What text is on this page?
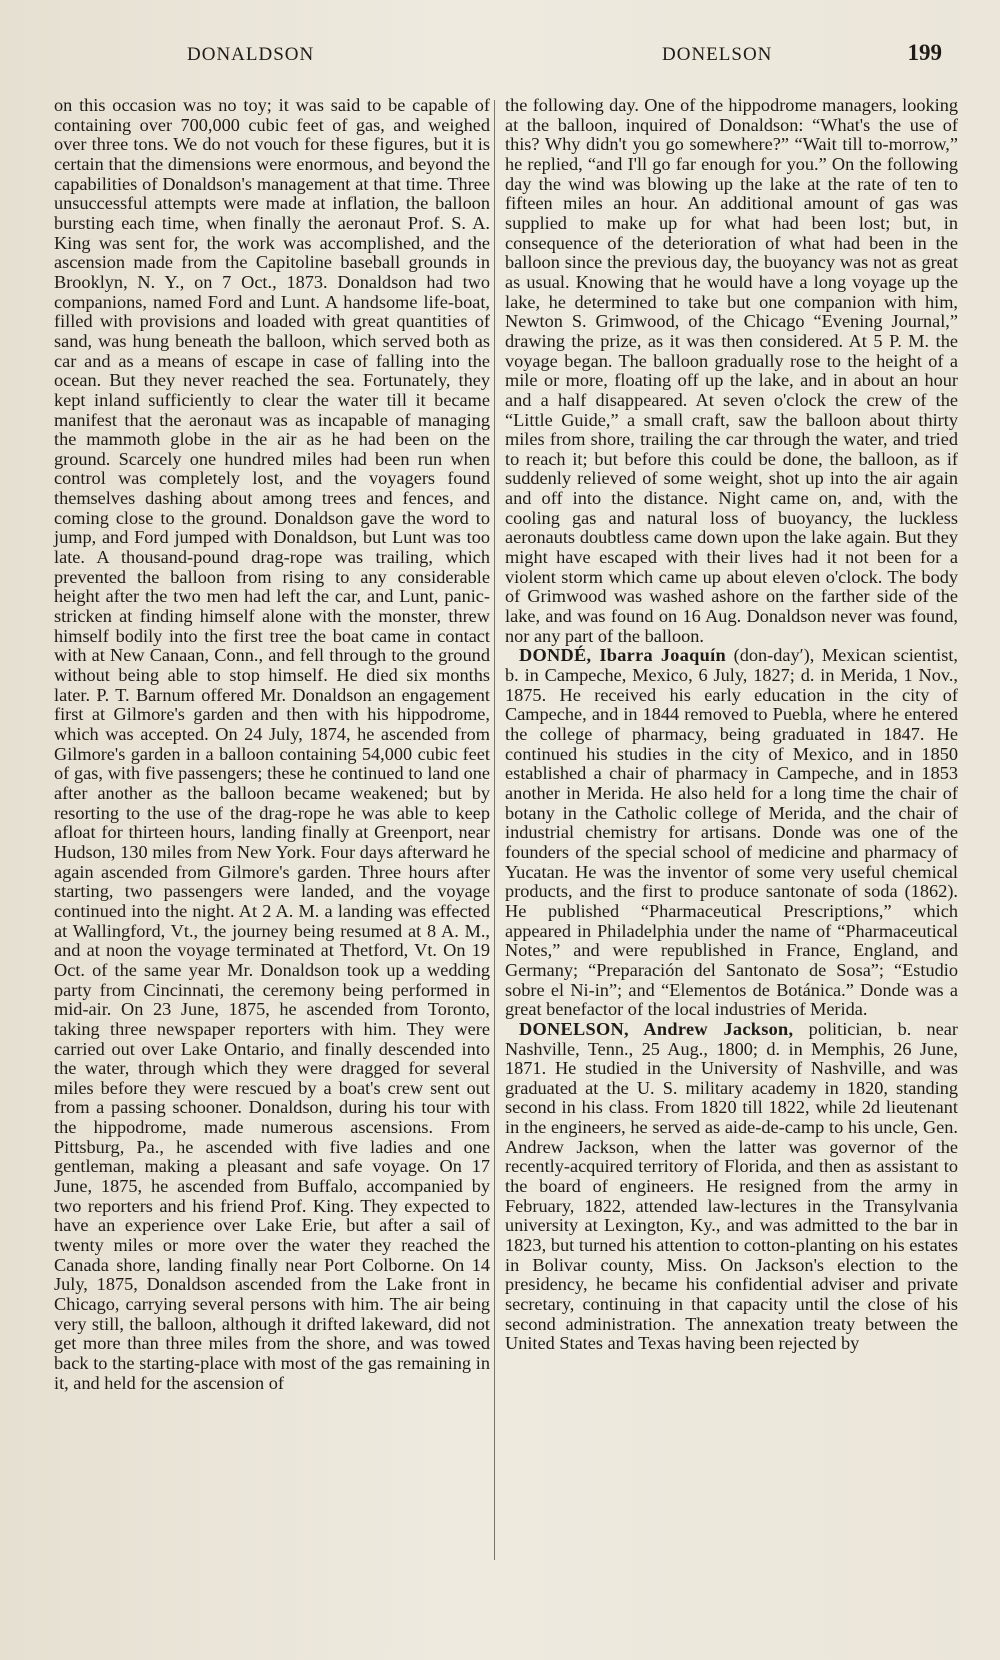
DONALDSON	DONELSON	199

on this occasion was no toy; it was said to be capable of containing over 700,000 cubic feet of gas, and weighed over three tons. We do not vouch for these figures, but it is certain that the dimensions were enormous, and beyond the capabilities of Donaldson's management at that time. Three unsuccessful attempts were made at inflation, the balloon bursting each time, when finally the aeronaut Prof. S. A. King was sent for, the work was accomplished, and the ascension made from the Capitoline baseball grounds in Brooklyn, N. Y., on 7 Oct., 1873. Donaldson had two companions, named Ford and Lunt. A handsome life-boat, filled with provisions and loaded with great quantities of sand, was hung beneath the balloon, which served both as car and as a means of escape in case of falling into the ocean. But they never reached the sea. Fortunately, they kept inland sufficiently to clear the water till it became manifest that the aeronaut was as incapable of managing the mammoth globe in the air as he had been on the ground. Scarcely one hundred miles had been run when control was completely lost, and the voyagers found themselves dashing about among trees and fences, and coming close to the ground. Donaldson gave the word to jump, and Ford jumped with Donaldson, but Lunt was too late. A thousand-pound drag-rope was trailing, which prevented the balloon from rising to any considerable height after the two men had left the car, and Lunt, panic-stricken at finding himself alone with the monster, threw himself bodily into the first tree the boat came in contact with at New Canaan, Conn., and fell through to the ground without being able to stop himself. He died six months later. P. T. Barnum offered Mr. Donaldson an engagement first at Gilmore's garden and then with his hippodrome, which was accepted. On 24 July, 1874, he ascended from Gilmore's garden in a balloon containing 54,000 cubic feet of gas, with five passengers; these he continued to land one after another as the balloon became weakened; but by resorting to the use of the drag-rope he was able to keep afloat for thirteen hours, landing finally at Greenport, near Hudson, 130 miles from New York. Four days afterward he again ascended from Gilmore's garden. Three hours after starting, two passengers were landed, and the voyage continued into the night. At 2 A. M. a landing was effected at Wallingford, Vt., the journey being resumed at 8 A. M., and at noon the voyage terminated at Thetford, Vt. On 19 Oct. of the same year Mr. Donaldson took up a wedding party from Cincinnati, the ceremony being performed in mid-air. On 23 June, 1875, he ascended from Toronto, taking three newspaper reporters with him. They were carried out over Lake Ontario, and finally descended into the water, through which they were dragged for several miles before they were rescued by a boat's crew sent out from a passing schooner. Donaldson, during his tour with the hippodrome, made numerous ascensions. From Pittsburg, Pa., he ascended with five ladies and one gentleman, making a pleasant and safe voyage. On 17 June, 1875, he ascended from Buffalo, accompanied by two reporters and his friend Prof. King. They expected to have an experience over Lake Erie, but after a sail of twenty miles or more over the water they reached the Canada shore, landing finally near Port Colborne. On 14 July, 1875, Donaldson ascended from the Lake front in Chicago, carrying several persons with him. The air being very still, the balloon, although it drifted lakeward, did not get more than three miles from the shore, and was towed back to the starting-place with most of the gas remaining in it, and held for the ascension of

the following day. One of the hippodrome managers, looking at the balloon, inquired of Donaldson: “What's the use of this? Why didn't you go somewhere?” “Wait till to-morrow,” he replied, “and I'll go far enough for you.” On the following day the wind was blowing up the lake at the rate of ten to fifteen miles an hour. An additional amount of gas was supplied to make up for what had been lost; but, in consequence of the deterioration of what had been in the balloon since the previous day, the buoyancy was not as great as usual. Knowing that he would have a long voyage up the lake, he determined to take but one companion with him, Newton S. Grimwood, of the Chicago “Evening Journal,” drawing the prize, as it was then considered. At 5 P. M. the voyage began. The balloon gradually rose to the height of a mile or more, floating off up the lake, and in about an hour and a half disappeared. At seven o'clock the crew of the “Little Guide,” a small craft, saw the balloon about thirty miles from shore, trailing the car through the water, and tried to reach it; but before this could be done, the balloon, as if suddenly relieved of some weight, shot up into the air again and off into the distance. Night came on, and, with the cooling gas and natural loss of buoyancy, the luckless aeronauts doubtless came down upon the lake again. But they might have escaped with their lives had it not been for a violent storm which came up about eleven o'clock. The body of Grimwood was washed ashore on the farther side of the lake, and was found on 16 Aug. Donaldson never was found, nor any part of the balloon.

DONDÉ, Ibarra Joaquín (don-day′), Mexican scientist, b. in Campeche, Mexico, 6 July, 1827; d. in Merida, 1 Nov., 1875. He received his early education in the city of Campeche, and in 1844 removed to Puebla, where he entered the college of pharmacy, being graduated in 1847. He continued his studies in the city of Mexico, and in 1850 established a chair of pharmacy in Campeche, and in 1853 another in Merida. He also held for a long time the chair of botany in the Catholic college of Merida, and the chair of industrial chemistry for artisans. Donde was one of the founders of the special school of medicine and pharmacy of Yucatan. He was the inventor of some very useful chemical products, and the first to produce santonate of soda (1862). He published “Pharmaceutical Prescriptions,” which appeared in Philadelphia under the name of “Pharmaceutical Notes,” and were republished in France, England, and Germany; “Preparación del Santonato de Sosa”; “Estudio sobre el Ni-in”; and “Elementos de Botánica.” Donde was a great benefactor of the local industries of Merida.

DONELSON, Andrew Jackson, politician, b. near Nashville, Tenn., 25 Aug., 1800; d. in Memphis, 26 June, 1871. He studied in the University of Nashville, and was graduated at the U. S. military academy in 1820, standing second in his class. From 1820 till 1822, while 2d lieutenant in the engineers, he served as aide-de-camp to his uncle, Gen. Andrew Jackson, when the latter was governor of the recently-acquired territory of Florida, and then as assistant to the board of engineers. He resigned from the army in February, 1822, attended law-lectures in the Transylvania university at Lexington, Ky., and was admitted to the bar in 1823, but turned his attention to cotton-planting on his estates in Bolivar county, Miss. On Jackson's election to the presidency, he became his confidential adviser and private secretary, continuing in that capacity until the close of his second administration. The annexation treaty between the United States and Texas having been rejected by
